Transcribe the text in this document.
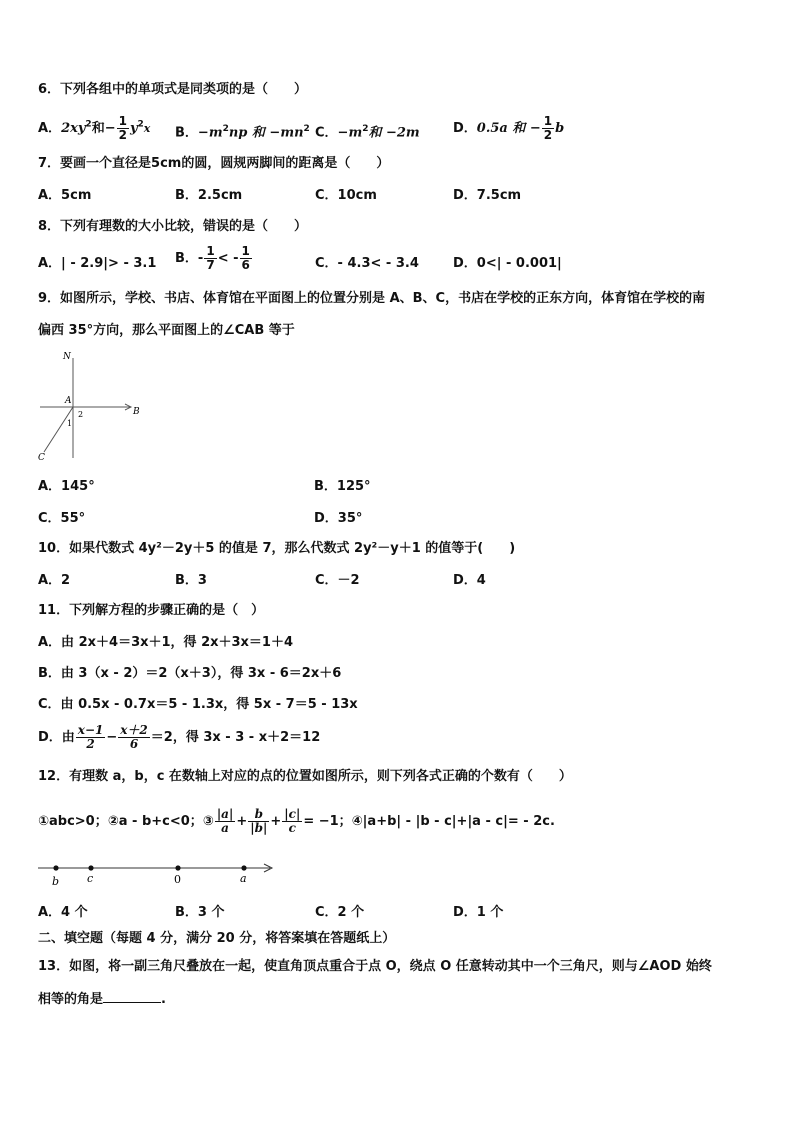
6．下列各组中的单项式是同类项的是（　　）
A．$2xy^2$和− $\frac{1}{2} y^2x$ B．$-m^2np$ 和 $-mn^2$ C．$-m^2$和 −2m	D．0.5a 和 − $\frac{1}{2}$ b
7．要画一个直径是5cm的圆，圆规两脚间的距离是（　　）
A．5cm	B．2.5cm	C．10cm	D．7.5cm
8．下列有理数的大小比较，错误的是（　　）
A．| - 2.9|> - 3.1 B．- $\frac{1}{7}$ < - $\frac{1}{6}$	C．- 4.3< - 3.4	D．0<| - 0.001|
9．如图所示，学校、书店、体育馆在平面图上的位置分别是 A、B、C，书店在学校的正东方向，体育馆在学校的南
偏西 35°方向，那么平面图上的∠CAB 等于
N
A
B
C
1
2
A．145°	B．125°
C．55°	D．35°
10．如果代数式 4y²－2y＋5 的值是 7，那么代数式 2y²－y＋1 的值等于(　　)
A．2	B．3	C．－2	D．4
11．下列解方程的步骤正确的是（　）
A．由 2x＋4＝3x＋1，得 2x＋3x＝1＋4
B．由 3（x - 2）＝2（x＋3），得 3x - 6＝2x＋6
C．由 0.5x - 0.7x＝5 - 1.3x，得 5x - 7＝5 - 13x
D．由 $\frac{x-1}{2} - \frac{x+2}{6} =2$，得 3x - 3 - x＋2＝12
12．有理数 a，b，c 在数轴上对应的点的位置如图所示，则下列各式正确的个数有（　　）
①abc>0；②a - b+c<0；③ $\frac{|a|}{a} + \frac{b}{|b|} + \frac{|c|}{c} = -1$；④|a+b| - |b - c|+|a - c|= - 2c.
b	c	0	a
A．4 个	B．3 个	C．2 个	D．1 个
二、填空题（每题 4 分，满分 20 分，将答案填在答题纸上）
13．如图，将一副三角尺叠放在一起，使直角顶点重合于点 O，绕点 O 任意转动其中一个三角尺，则与∠AOD 始终
相等的角是	.
